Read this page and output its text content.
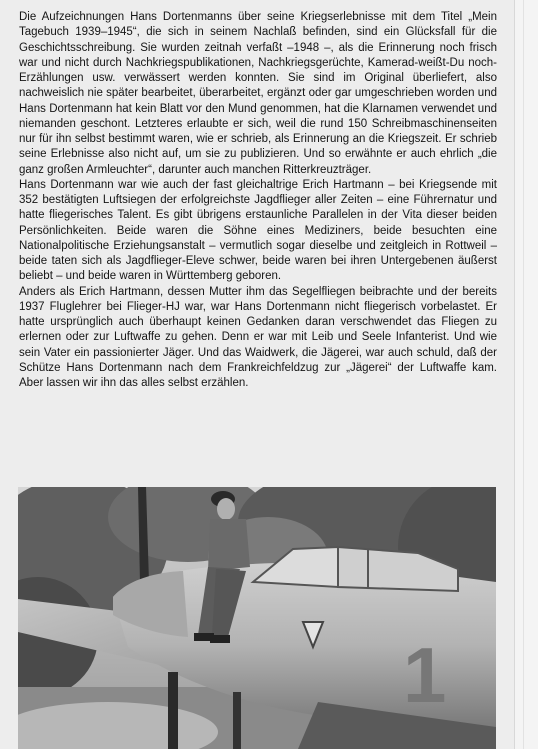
Die Aufzeichnungen Hans Dortenmanns über seine Kriegserlebnisse mit dem Titel „Mein Tagebuch 1939–1945“, die sich in seinem Nachlaß befinden, sind ein Glücksfall für die Geschichtsschreibung. Sie wurden zeitnah verfaßt –1948 –, als die Erinnerung noch frisch war und nicht durch Nachkriegspublikationen, Nachkriegsgerüchte, Kamerad-weißt-Du noch-Erzählungen usw. verwässert werden konnten. Sie sind im Original überliefert, also nachweislich nie später bearbeitet, überarbeitet, ergänzt oder gar umgeschrieben worden und Hans Dortenmann hat kein Blatt vor den Mund genommen, hat die Klarnamen verwendet und niemanden geschont. Letzteres erlaubte er sich, weil die rund 150 Schreibmaschinenseiten nur für ihn selbst bestimmt waren, wie er schrieb, als Erinnerung an die Kriegszeit. Er schrieb seine Erlebnisse also nicht auf, um sie zu publizieren. Und so erwähnte er auch ehrlich „die ganz großen Armleuchter“, darunter auch manchen Ritterkreuzträger.

Hans Dortenmann war wie auch der fast gleichaltrige Erich Hartmann – bei Kriegsende mit 352 bestätigten Luftsiegen der erfolgreichste Jagdflieger aller Zeiten – eine Führernatur und hatte fliegerisches Talent. Es gibt übrigens erstaunliche Parallelen in der Vita dieser beiden Persönlichkeiten. Beide waren die Söhne eines Mediziners, beide besuchten eine Nationalpolitische Erziehungsanstalt – vermutlich sogar dieselbe und zeitgleich in Rottweil – beide taten sich als Jagdflieger-Eleve schwer, beide waren bei ihren Untergebenen äußerst beliebt – und beide waren in Württemberg geboren.

Anders als Erich Hartmann, dessen Mutter ihm das Segelfliegen beibrachte und der bereits 1937 Fluglehrer bei Flieger-HJ war, war Hans Dortenmann nicht fliegerisch vorbelastet. Er hatte ursprünglich auch überhaupt keinen Gedanken daran verschwendet das Fliegen zu erlernen oder zur Luftwaffe zu gehen. Denn er war mit Leib und Seele Infanterist. Und wie sein Vater ein passionierter Jäger. Und das Waidwerk, die Jägerei, war auch schuld, daß der Schütze Hans Dortenmann nach dem Frankreichfeldzug zur „Jägerei“ der Luftwaffe kam. Aber lassen wir ihn das alles selbst erzählen.

1
